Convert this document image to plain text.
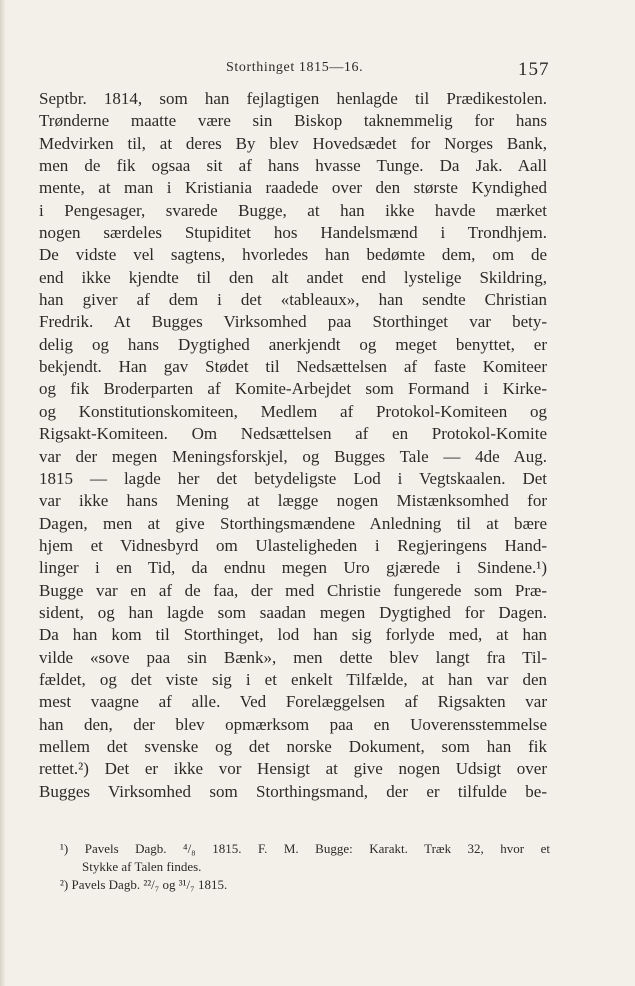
Storthinget 1815—16.	157
Septbr. 1814, som han fejlagtigen henlagde til Prædikestolen.
Trønderne maatte være sin Biskop taknemmelig for hans
Medvirken til, at deres By blev Hovedsædet for Norges Bank,
men de fik ogsaa sit af hans hvasse Tunge. Da Jak. Aall
mente, at man i Kristiania raadede over den største Kyndighed
i Pengesager, svarede Bugge, at han ikke havde mærket
nogen særdeles Stupiditet hos Handelsmænd i Trondhjem.
De vidste vel sagtens, hvorledes han bedømte dem, om de
end ikke kjendte til den alt andet end lystelige Skildring,
han giver af dem i det «tableaux», han sendte Christian
Fredrik. At Bugges Virksomhed paa Storthinget var bety-
delig og hans Dygtighed anerkjendt og meget benyttet, er
bekjendt. Han gav Stødet til Nedsættelsen af faste Komiteer
og fik Broderparten af Komite-Arbejdet som Formand i Kirke-
og Konstitutionskomiteen, Medlem af Protokol-Komiteen og
Rigsakt-Komiteen. Om Nedsættelsen af en Protokol-Komite
var der megen Meningsforskjel, og Bugges Tale — 4de Aug.
1815 — lagde her det betydeligste Lod i Vegtskaalen. Det
var ikke hans Mening at lægge nogen Mistænksomhed for
Dagen, men at give Storthingsmændene Anledning til at bære
hjem et Vidnesbyrd om Ulasteligheden i Regjeringens Hand-
linger i en Tid, da endnu megen Uro gjærede i Sindene.¹)
Bugge var en af de faa, der med Christie fungerede som Præ-
sident, og han lagde som saadan megen Dygtighed for Dagen.
Da han kom til Storthinget, lod han sig forlyde med, at han
vilde «sove paa sin Bænk», men dette blev langt fra Til-
fældet, og det viste sig i et enkelt Tilfælde, at han var den
mest vaagne af alle. Ved Forelæggelsen af Rigsakten var
han den, der blev opmærksom paa en Uoverensstemmelse
mellem det svenske og det norske Dokument, som han fik
rettet.²) Det er ikke vor Hensigt at give nogen Udsigt over
Bugges Virksomhed som Storthingsmand, der er tilfulde be-
¹) Pavels Dagb. ⁴/₈ 1815. F. M. Bugge: Karakt. Træk 32, hvor et
Stykke af Talen findes.
²) Pavels Dagb. ²²/₇ og ³¹/₇ 1815.
